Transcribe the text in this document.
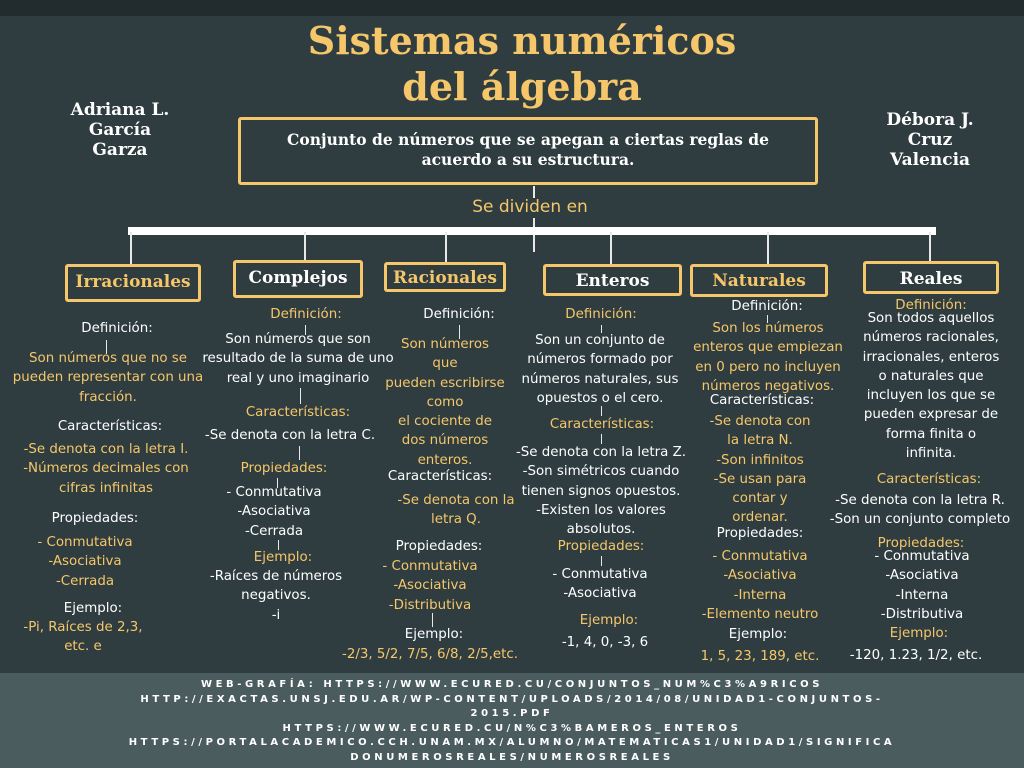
Sistemas numéricos
del álgebra
Adriana L.
García
Garza
Débora J.
Cruz
Valencia
Conjunto de números que se apegan a ciertas reglas de acuerdo a su estructura.
Se dividen en
Irracionales	Complejos	Racionales	Enteros	Naturales	Reales
Definición:
Son números que no se
pueden representar con una
fracción.
Características:
-Se denota con la letra I.
-Números decimales con
cifras infinitas
Propiedades:
- Conmutativa
-Asociativa
-Cerrada
Ejemplo:
-Pi, Raíces de 2,3,
etc. e
Definición:
Son números que son
resultado de la suma de uno
real y uno imaginario
Características:
-Se denota con la letra C.
Propiedades:
- Conmutativa
-Asociativa
-Cerrada
Ejemplo:
-Raíces de números
negativos.
-i
Definición:
Son números
que
pueden escribirse
como
el cociente de
dos números
enteros.
Características:
-Se denota con la
letra Q.
Propiedades:
- Conmutativa
-Asociativa
-Distributiva
Ejemplo:
-2/3, 5/2, 7/5, 6/8, 2/5,etc.
Definición:
Son un conjunto de
números formado por
números naturales, sus
opuestos o el cero.
Características:
-Se denota con la letra Z.
-Son simétricos cuando
tienen signos opuestos.
-Existen los valores
absolutos.
Propiedades:
- Conmutativa
-Asociativa
Ejemplo:
-1, 4, 0, -3, 6
Definición:
Son los números
enteros que empiezan
en 0 pero no incluyen
números negativos.
Características:
-Se denota con
la letra N.
-Son infinitos
-Se usan para
contar y
ordenar.
Propiedades:
- Conmutativa
-Asociativa
-Interna
-Elemento neutro
Ejemplo:
1, 5, 23, 189, etc.
Definición:
Son todos aquellos
números racionales,
irracionales, enteros
o naturales que
incluyen los que se
pueden expresar de
forma finita o
infinita.
Características:
-Se denota con la letra R.
-Son un conjunto completo
Propiedades:
- Conmutativa
-Asociativa
-Interna
-Distributiva
Ejemplo:
-120, 1.23, 1/2, etc.
WEB-GRAFÍA: HTTPS://WWW.ECURED.CU/CONJUNTOS_NUM%C3%A9RICOS
HTTP://EXACTAS.UNSJ.EDU.AR/WP-CONTENT/UPLOADS/2014/08/UNIDAD1-CONJUNTOS-
2015.PDF
HTTPS://WWW.ECURED.CU/N%C3%BAMEROS_ENTEROS
HTTPS://PORTALACADEMICO.CCH.UNAM.MX/ALUMNO/MATEMATICAS1/UNIDAD1/SIGNIFICA
DONUMEROSREALES/NUMEROSREALES
